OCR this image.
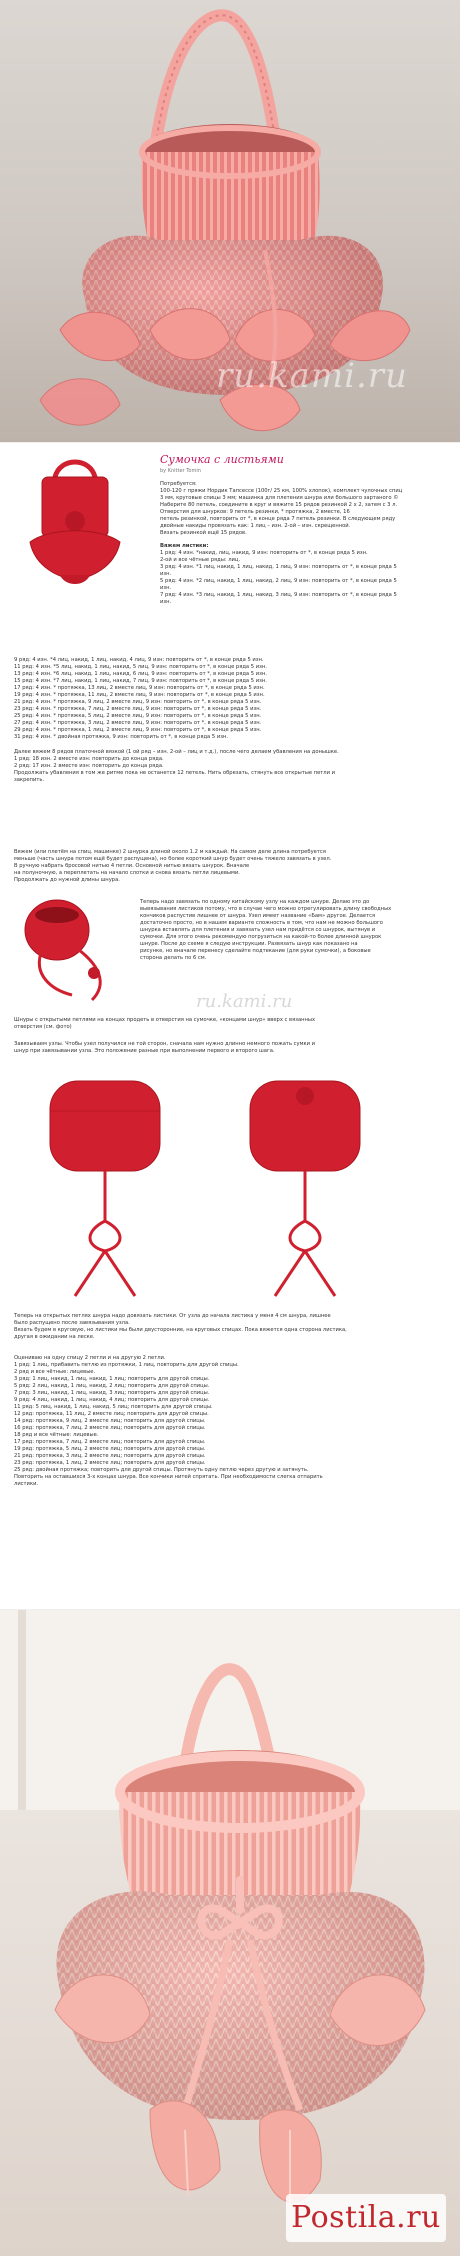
ru.kami.ru
Сумочка с листьями
by Knitter Tomin
Потребуется:
100-120 г пряжи Нордик Тапсессе (100г/ 25 км, 100% хлопок), комплект чулочных спиц
3 мм, круговые спицы 3 мм; машинка для плетения шнура или большого зартаного ©
Наберите 80 петель, соедините в круг и вяжите 15 рядов резинкой 2 х 2, затем с 3 л.
Отверстия для шнурков: 9 петель резинки, * протяжка, 2 вместе, 16
петель резинкой, повторить от *, в конце ряда 7 петель резинки. В следующем ряду
двойные накиды провязать как: 1 лиц – изн. 2-ой – изн. скрещенной.
Вязать резинкой ещё 15 рядов.
Вяжем листики:
1 ряд: 4 изн. *накид, лиц, накид, 9 изн: повторить от *, в конце ряда 5 изн.
2-ой и все чётные ряды: лиц.
3 ряд: 4 изн. *1 лиц, накид, 1 лиц, накид, 1 лиц, 9 изн: повторить от *, в конце ряда 5
изн.
5 ряд: 4 изн. *2 лиц, накид, 1 лиц, накид, 2 лиц, 9 изн: повторить от *, в конце ряда 5
изн.
7 ряд: 4 изн. *3 лиц, накид, 1 лиц, накид, 3 лиц, 9 изн: повторить от *, в конце ряда 5
изн.
9 ряд: 4 изн. *4 лиц, накид, 1 лиц, накид, 4 лиц, 9 изн: повторить от *, в конце ряда 5 изн.
11 ряд: 4 изн. *5 лиц, накид, 1 лиц, накид, 5 лиц, 9 изн: повторить от *, в конце ряда 5 изн.
13 ряд: 4 изн. *6 лиц, накид, 1 лиц, накид, 6 лиц, 9 изн: повторить от *, в конце ряда 5 изн.
15 ряд: 4 изн. *7 лиц, накид, 1 лиц, накид, 7 лиц, 9 изн: повторить от *, в конце ряда 5 изн.
17 ряд: 4 изн. * протяжка, 13 лиц, 2 вместе лиц, 9 изн: повторить от *, в конце ряда 5 изн.
19 ряд: 4 изн. * протяжка, 11 лиц, 2 вместе лиц, 9 изн: повторить от *, в конце ряда 5 изн.
21 ряд: 4 изн. * протяжка, 9 лиц, 2 вместе лиц, 9 изн: повторить от *, в конце ряда 5 изн.
23 ряд: 4 изн. * протяжка, 7 лиц, 2 вместе лиц, 9 изн: повторить от *, в конце ряда 5 изн.
25 ряд: 4 изн. * протяжка, 5 лиц, 2 вместе лиц, 9 изн: повторить от *, в конце ряда 5 изн.
27 ряд: 4 изн. * протяжка, 3 лиц, 2 вместе лиц, 9 изн: повторить от *, в конце ряда 5 изн.
29 ряд: 4 изн. * протяжка, 1 лиц, 2 вместе лиц, 9 изн: повторить от *, в конце ряда 5 изн.
31 ряд: 4 изн. * двойная протяжка, 9 изн: повторить от *, в конце ряда 5 изн.
Далее вяжем 8 рядов платочной вязкой (1 ой ряд – изн. 2-ой – лиц и т.д.), после чего делаем убавления на донышке.
1 ряд: 18 изн. 2 вместе изн: повторить до конца ряда.
2 ряд: 17 изн. 2 вместе изн: повторить до конца ряда.
Продолжать убавления в том же ритме пока не останется 12 петель. Нить обрезать, стянуть все открытые петли и
закрепить.
Вяжем (или плетём на спиц. машинке) 2 шнурка длиной около 1.2 м каждый. На самом деле длина потребуется
меньше (часть шнура потом ещё будет распущена), но более короткий шнур будет очень тяжело завязать в узел.
В ручную набрать бросовой нитью 4 петли. Основной нитью вязать шнурок. Вначале
на полуночную, а переплетать на начало слотки и снова вязать петли лицевыми.
Продолжать до нужной длины шнура.
Теперь надо завязать по одному китайскому узлу на каждом шнуре. Делаю это до
вывязывания листиков потому, что в случае чего можно отрегулировать длину свободных
кончиков распустив лишнее от шнура. Узел имеет название «Бам» другое. Делается
достаточно просто, но в нашем варианте сложность в том, что нам не можно большого
шнурка вставлять для плетения и завязать узел нам придётся со шнурок, вытянув и
сумочки. Для этого очень рекомендую погрузиться на какой-то более длинной шнурок
шнуре. После до схеме я следую инструкции. Развязать шнур как показано на
рисунке, но вначале перенесу сделайте подтекание (для руки сумочки), а боковые
сторона делать по 6 см.
ru.kami.ru
Шнуры с открытыми петлями на концах продеть в отверстия на сумочке, «концами шнур» вверх с вязанных
отверстия (см. фото)
Завязываем узлы. Чтобы узел получился не той сторон, сначала нам нужно длинно немного пожать сумки и
шнур при завязывании узла. Это положение разные при выполнении первого и второго шага.
Теперь на открытых петлях шнура надо довязать листики. От узла до начала листика у меня 4 см шнура, лишнее
было распущено после завязывания узла.
Вязать будем в круговую, но листики мы были двусторонние, на круговых спицах. Пока вяжется одна сторона листика,
другая в ожидании на леске.
Оцениваю на одну спицу 2 петли и на другую 2 петли.
1 ряд: 1 лиц, прибавить петлю из протяжки, 1 лиц, повторить для другой спицы.
2 ряд и все чётные: лицевые.
3 ряд: 1 лиц, накид, 1 лиц, накид, 1 лиц; повторить для другой спицы.
5 ряд: 2 лиц, накид, 1 лиц, накид, 2 лиц; повторить для другой спицы.
7 ряд: 3 лиц, накид, 1 лиц, накид, 3 лиц; повторить для другой спицы.
9 ряд: 4 лиц, накид, 1 лиц, накид, 4 лиц; повторить для другой спицы.
11 ряд: 5 лиц, накид, 1 лиц, накид, 5 лиц; повторить для другой спицы.
12 ряд: протяжка, 11 лиц, 2 вместе лиц; повторить для другой спицы.
14 ряд: протяжка, 9 лиц, 2 вместе лиц; повторить для другой спицы.
16 ряд: протяжка, 7 лиц, 2 вместе лиц; повторить для другой спицы.
18 ряд и все чётные: лицевые.
17 ряд: протяжка, 7 лиц, 2 вместе лиц; повторить для другой спицы.
19 ряд: протяжка, 5 лиц, 2 вместе лиц; повторить для другой спицы.
21 ряд: протяжка, 3 лиц, 2 вместе лиц; повторить для другой спицы.
23 ряд: протяжка, 1 лиц, 2 вместе лиц; повторить для другой спицы.
25 ряд: двойная протяжка; повторить для другой спицы. Протянуть одну петлю через другую и затянуть.
Повторить на оставшихся 3-х концах шнура. Все кончики нитей спрятать. При необходимости слегка отпарить
листики.
Postila.ru
